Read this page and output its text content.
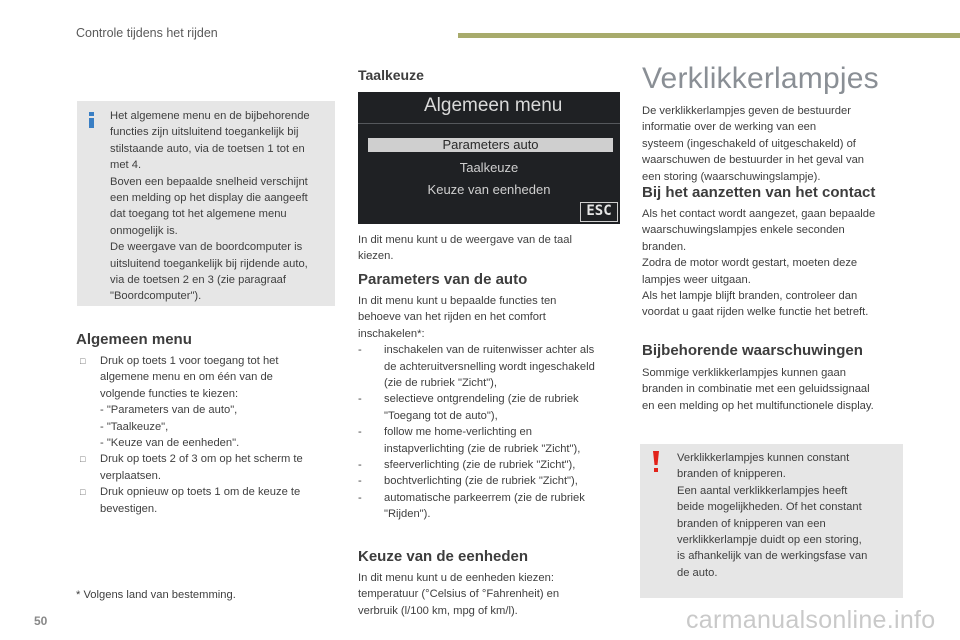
Controle tijdens het rijden
Het algemene menu en de bijbehorende
functies zijn uitsluitend toegankelijk bij
stilstaande auto, via de toetsen 1 tot en
met 4.
Boven een bepaalde snelheid verschijnt
een melding op het display die aangeeft
dat toegang tot het algemene menu
onmogelijk is.
De weergave van de boordcomputer is
uitsluitend toegankelijk bij rijdende auto,
via de toetsen 2 en 3 (zie paragraaf
"Boordcomputer").
Algemeen menu
□ Druk op toets 1 voor toegang tot het
algemene menu en om één van de
volgende functies te kiezen:
- "Parameters van de auto",
- "Taalkeuze",
- "Keuze van de eenheden".
□ Druk op toets 2 of 3 om op het scherm te
verplaatsen.
□ Druk opnieuw op toets 1 om de keuze te
bevestigen.
* Volgens land van bestemming.
Taalkeuze
Algemeen menu
Parameters auto
Taalkeuze
Keuze van eenheden
ESC
In dit menu kunt u de weergave van de taal
kiezen.
Parameters van de auto
In dit menu kunt u bepaalde functies ten
behoeve van het rijden en het comfort
inschakelen*:
- inschakelen van de ruitenwisser achter als
de achteruitversnelling wordt ingeschakeld
(zie de rubriek "Zicht"),
- selectieve ontgrendeling (zie de rubriek
"Toegang tot de auto"),
- follow me home-verlichting en
instapverlichting (zie de rubriek "Zicht"),
- sfeerverlichting (zie de rubriek "Zicht"),
- bochtverlichting (zie de rubriek "Zicht"),
- automatische parkeerrem (zie de rubriek
"Rijden").
Keuze van de eenheden
In dit menu kunt u de eenheden kiezen:
temperatuur (°Celsius of °Fahrenheit) en
verbruik (l/100 km, mpg of km/l).
Verklikkerlampjes
De verklikkerlampjes geven de bestuurder
informatie over de werking van een
systeem (ingeschakeld of uitgeschakeld) of
waarschuwen de bestuurder in het geval van
een storing (waarschuwingslampje).
Bij het aanzetten van het contact
Als het contact wordt aangezet, gaan bepaalde
waarschuwingslampjes enkele seconden
branden.
Zodra de motor wordt gestart, moeten deze
lampjes weer uitgaan.
Als het lampje blijft branden, controleer dan
voordat u gaat rijden welke functie het betreft.
Bijbehorende waarschuwingen
Sommige verklikkerlampjes kunnen gaan
branden in combinatie met een geluidssignaal
en een melding op het multifunctionele display.
Verklikkerlampjes kunnen constant
branden of knipperen.
Een aantal verklikkerlampjes heeft
beide mogelijkheden. Of het constant
branden of knipperen van een
verklikkerlampje duidt op een storing,
is afhankelijk van de werkingsfase van
de auto.
50	carmanualsonline.info
